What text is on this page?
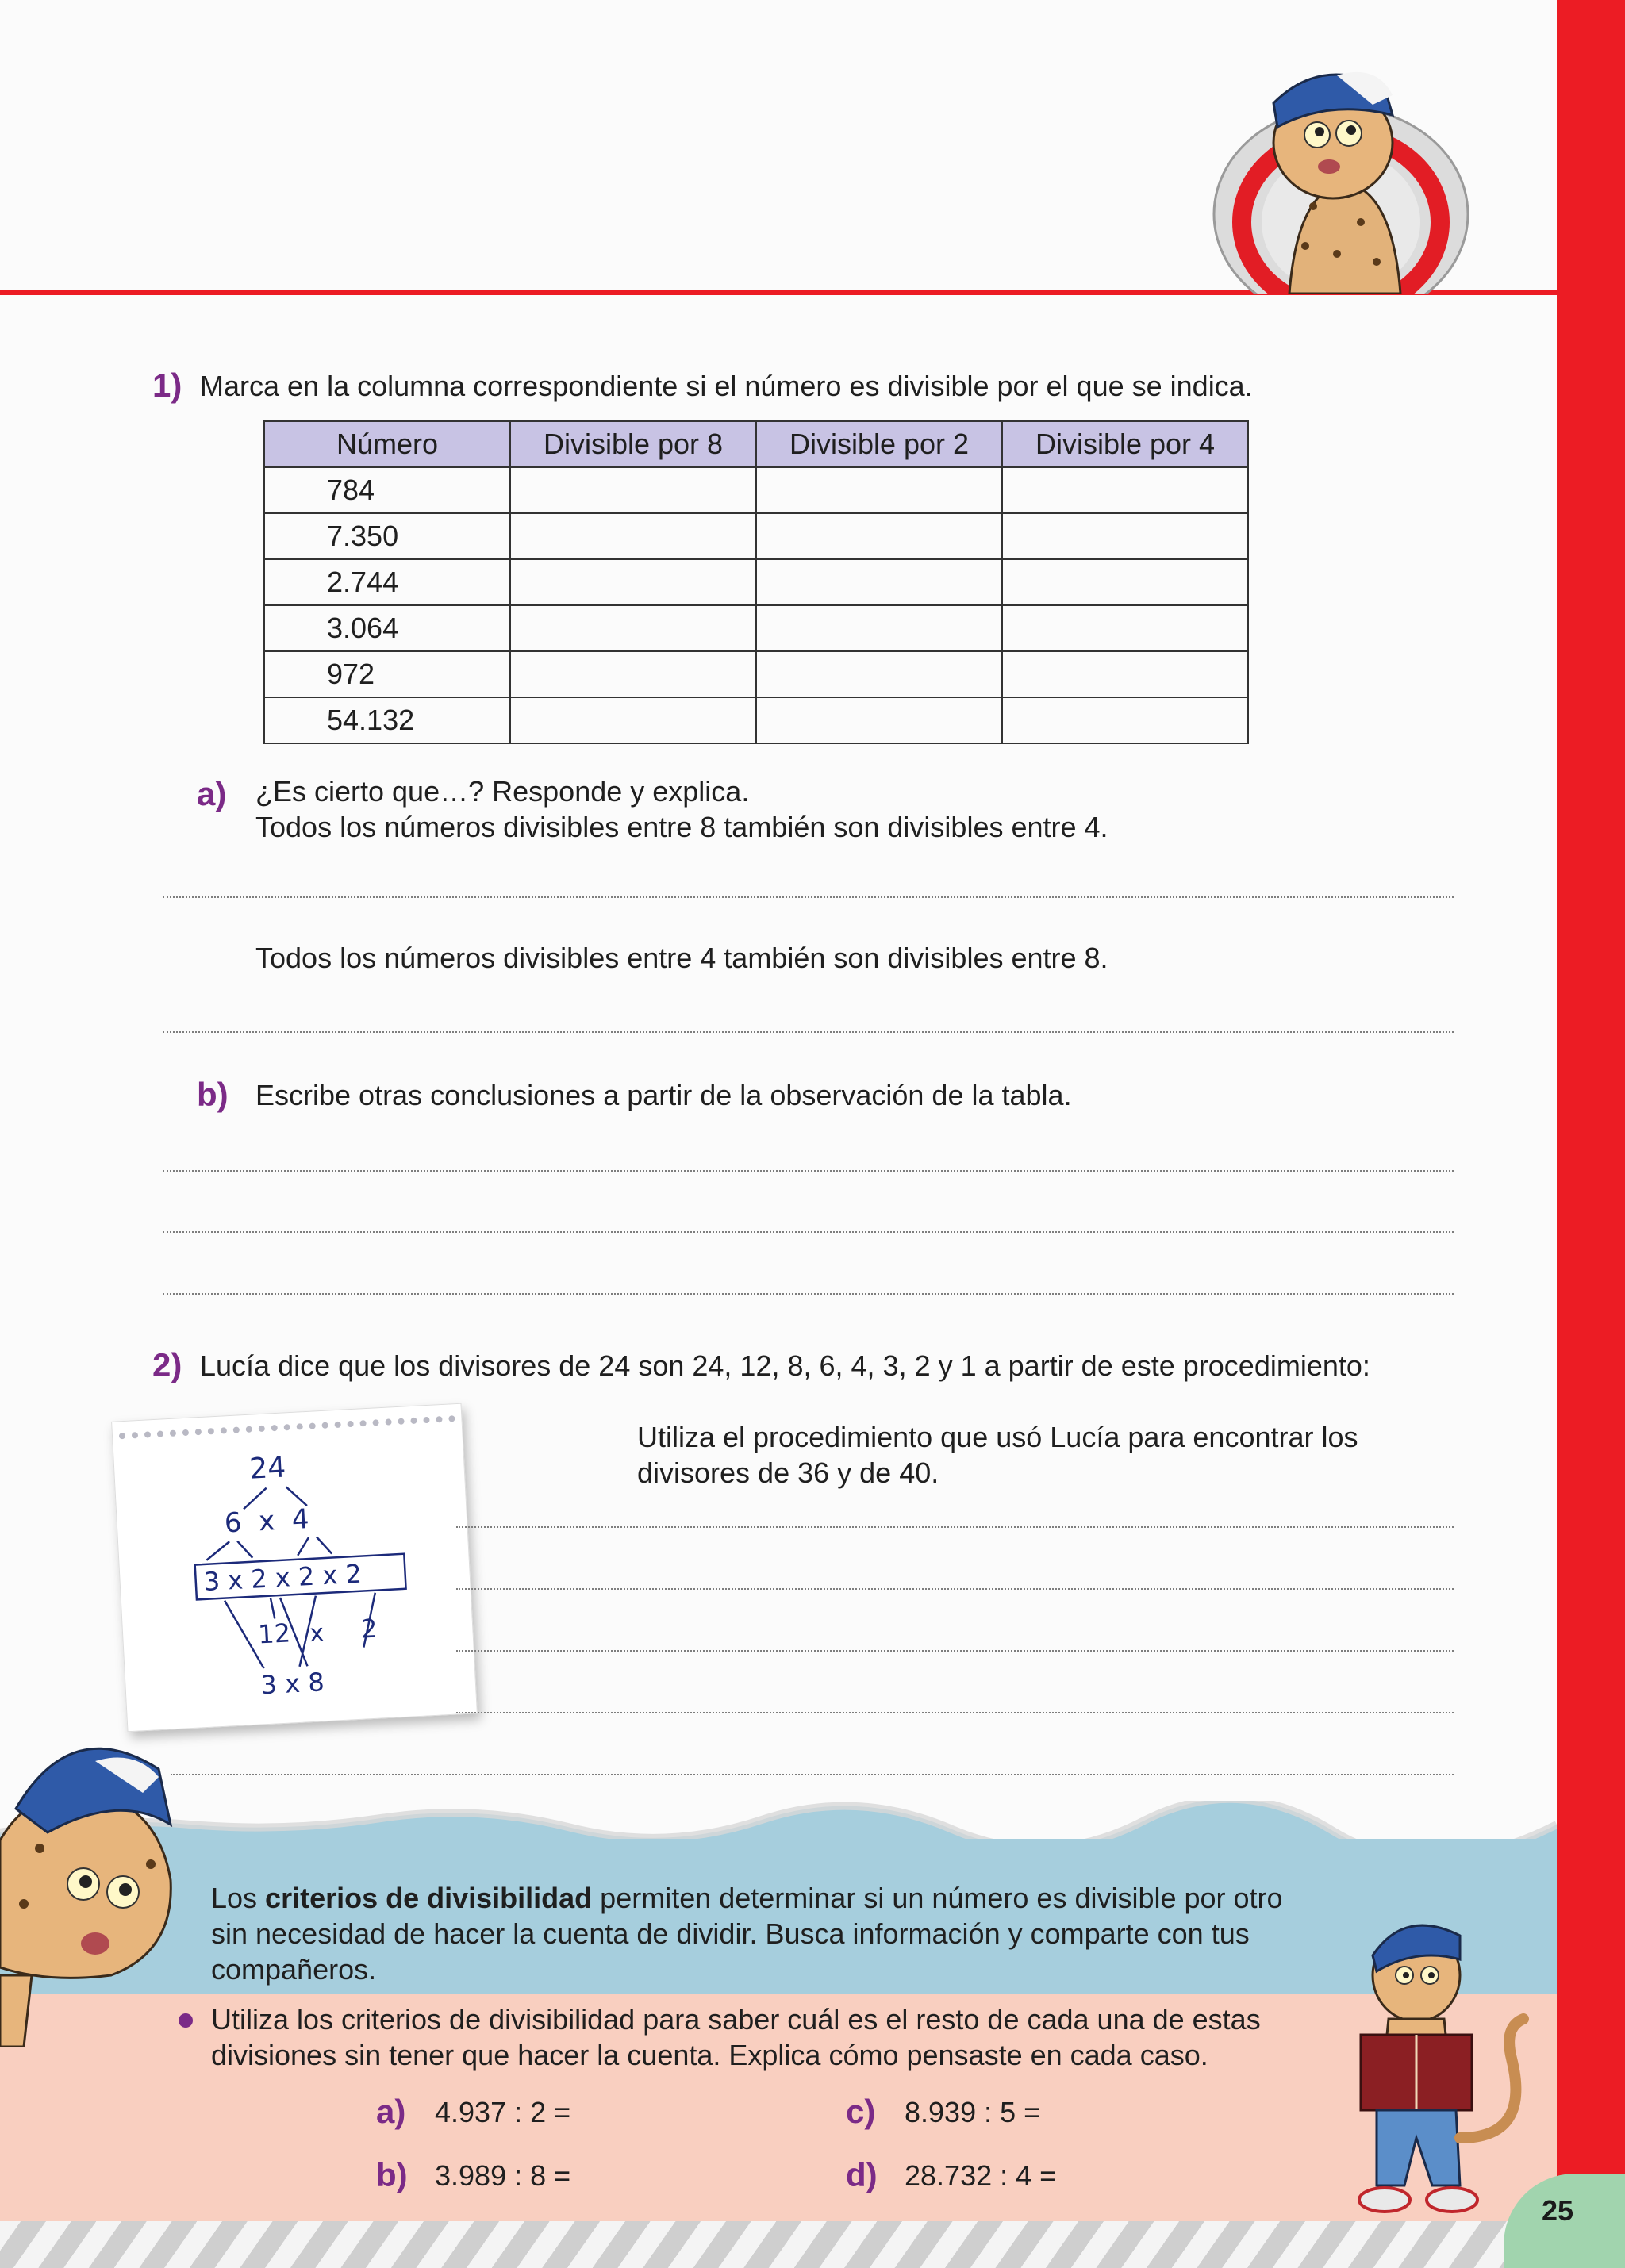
1) Marca en la columna correspondiente si el número es divisible por el que se indica.
Número	Divisible por 8	Divisible por 2	Divisible por 4
784			
7.350			
2.744			
3.064			
972			
54.132			
a) ¿Es cierto que…? Responde y explica.
Todos los números divisibles entre 8 también son divisibles entre 4.
Todos los números divisibles entre 4 también son divisibles entre 8.
b) Escribe otras conclusiones a partir de la observación de la tabla.
2) Lucía dice que los divisores de 24 son 24, 12, 8, 6, 4, 3, 2 y 1 a partir de este procedimiento:
24
6  x  4
3 x 2 x 2 x 2
12 x 2
3 x 8
Utiliza el procedimiento que usó Lucía para encontrar los divisores de 36 y de 40.
Los criterios de divisibilidad permiten determinar si un número es divisible por otro sin necesidad de hacer la cuenta de dividir. Busca información y comparte con tus compañeros.
Utiliza los criterios de divisibilidad para saber cuál es el resto de cada una de estas divisiones sin tener que hacer la cuenta. Explica cómo pensaste en cada caso.
a) 4.937 : 2 =
b) 3.989 : 8 =
c) 8.939 : 5 =
d) 28.732 : 4 =
25
